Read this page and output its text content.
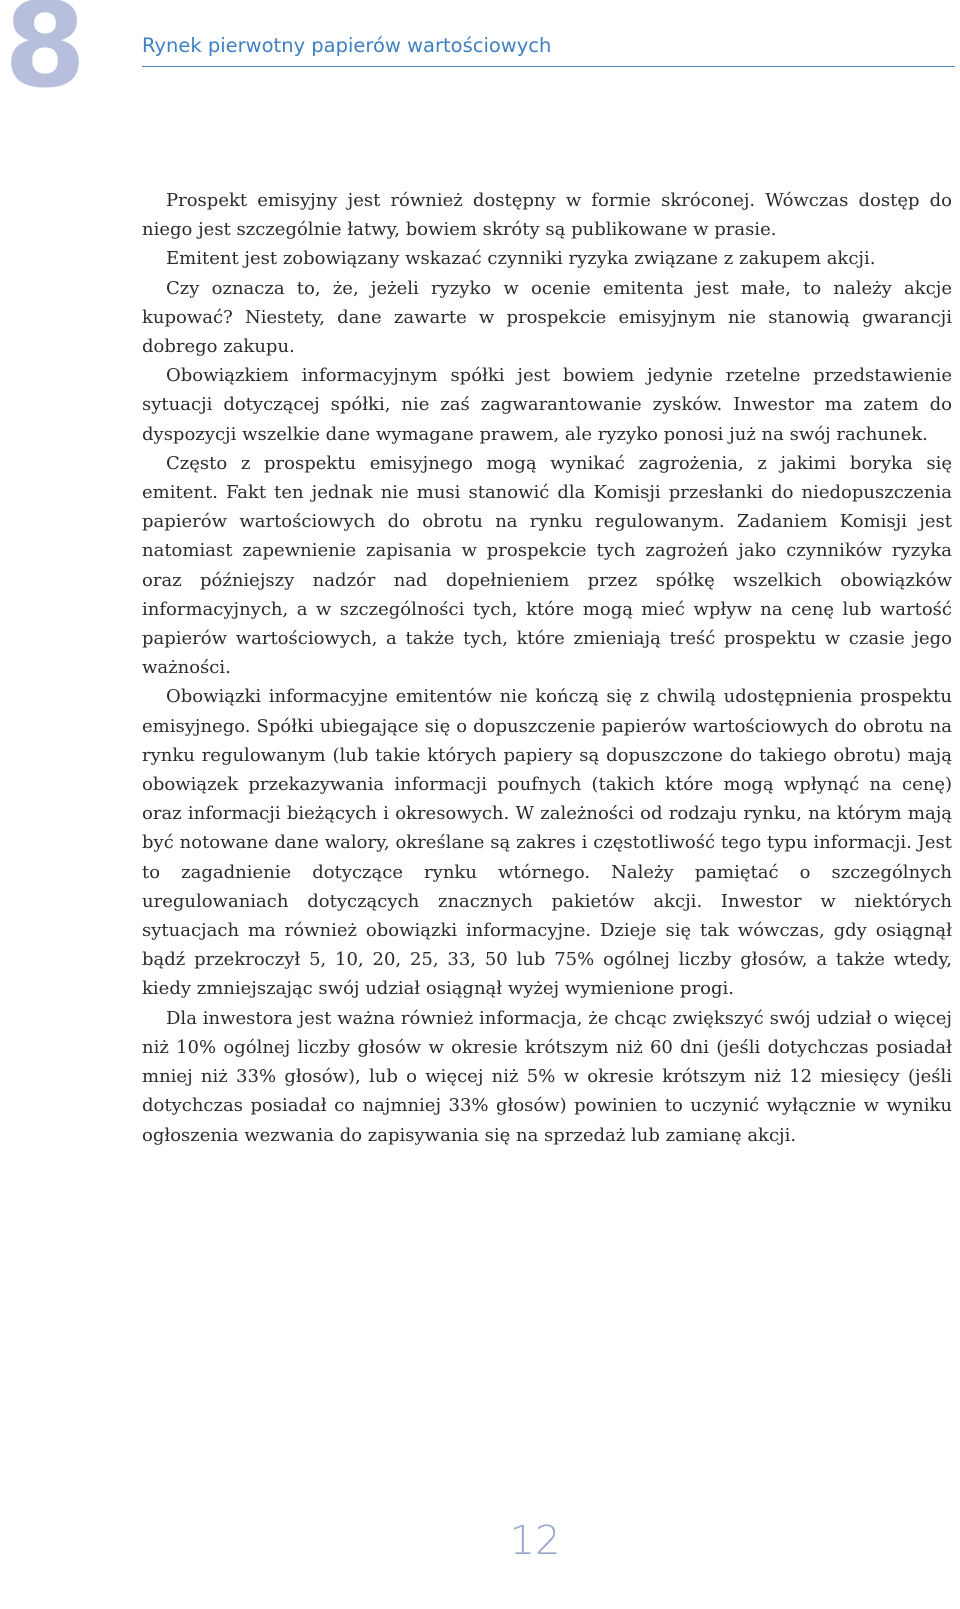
8	Rynek pierwotny papierów wartościowych

Prospekt emisyjny jest również dostępny w formie skróconej. Wówczas dostęp do niego jest szczególnie łatwy, bowiem skróty są publikowane w prasie.

Emitent jest zobowiązany wskazać czynniki ryzyka związane z zakupem akcji.

Czy oznacza to, że, jeżeli ryzyko w ocenie emitenta jest małe, to należy akcje kupować? Niestety, dane zawarte w prospekcie emisyjnym nie stanowią gwarancji dobrego zakupu.

Obowiązkiem informacyjnym spółki jest bowiem jedynie rzetelne przedstawienie sytuacji dotyczącej spółki, nie zaś zagwarantowanie zysków. Inwestor ma zatem do dyspozycji wszelkie dane wymagane prawem, ale ryzyko ponosi już na swój rachunek.

Często z prospektu emisyjnego mogą wynikać zagrożenia, z jakimi boryka się emitent. Fakt ten jednak nie musi stanowić dla Komisji przesłanki do niedopuszczenia papierów wartościowych do obrotu na rynku regulowanym. Zadaniem Komisji jest natomiast zapewnienie zapisania w prospekcie tych zagrożeń jako czynników ryzyka oraz późniejszy nadzór nad dopełnieniem przez spółkę wszelkich obowiązków informacyjnych, a w szczególności tych, które mogą mieć wpływ na cenę lub wartość papierów wartościowych, a także tych, które zmieniają treść prospektu w czasie jego ważności.

Obowiązki informacyjne emitentów nie kończą się z chwilą udostępnienia prospektu emisyjnego. Spółki ubiegające się o dopuszczenie papierów wartościowych do obrotu na rynku regulowanym (lub takie których papiery są dopuszczone do takiego obrotu) mają obowiązek przekazywania informacji poufnych (takich które mogą wpłynąć na cenę) oraz informacji bieżących i okresowych. W zależności od rodzaju rynku, na którym mają być notowane dane walory, określane są zakres i częstotliwość tego typu informacji. Jest to zagadnienie dotyczące rynku wtórnego. Należy pamiętać o szczególnych uregulowaniach dotyczących znacznych pakietów akcji. Inwestor w niektórych sytuacjach ma również obowiązki informacyjne. Dzieje się tak wówczas, gdy osiągnął bądź przekroczył 5, 10, 20, 25, 33, 50 lub 75% ogólnej liczby głosów, a także wtedy, kiedy zmniejszając swój udział osiągnął wyżej wymienione progi.

Dla inwestora jest ważna również informacja, że chcąc zwiększyć swój udział o więcej niż 10% ogólnej liczby głosów w okresie krótszym niż 60 dni (jeśli dotychczas posiadał mniej niż 33% głosów), lub o więcej niż 5% w okresie krótszym niż 12 miesięcy (jeśli dotychczas posiadał co najmniej 33% głosów) powinien to uczynić wyłącznie w wyniku ogłoszenia wezwania do zapisywania się na sprzedaż lub zamianę akcji.

12
